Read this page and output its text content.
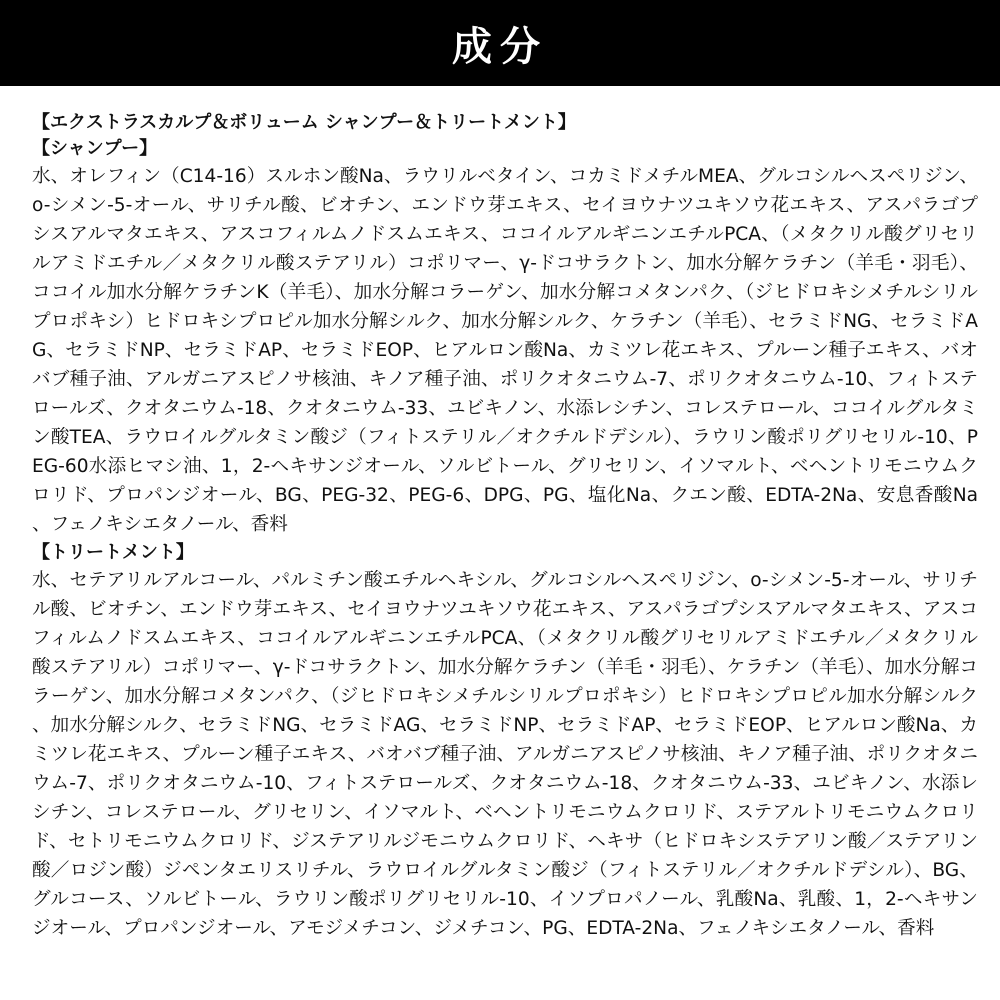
成分
【エクストラスカルプ＆ボリューム シャンプー＆トリートメント】
【シャンプー】

水、オレフィン（C14-16）スルホン酸Na、ラウリルベタイン、コカミドメチルMEA、グルコシルヘスペリジン、o-シメン-5-オール、サリチル酸、ビオチン、エンドウ芽エキス、セイヨウナツユキソウ花エキス、アスパラゴプシスアルマタエキス、アスコフィルムノドスムエキス、ココイルアルギニンエチルPCA、（メタクリル酸グリセリルアミドエチル／メタクリル酸ステアリル）コポリマー、γ-ドコサラクトン、加水分解ケラチン（羊毛・羽毛）、ココイル加水分解ケラチンK（羊毛）、加水分解コラーゲン、加水分解コメタンパク、（ジヒドロキシメチルシリルプロポキシ）ヒドロキシプロピル加水分解シルク、加水分解シルク、ケラチン（羊毛）、セラミドNG、セラミドAG、セラミドNP、セラミドAP、セラミドEOP、ヒアルロン酸Na、カミツレ花エキス、プルーン種子エキス、バオバブ種子油、アルガニアスピノサ核油、キノア種子油、ポリクオタニウム-7、ポリクオタニウム-10、フィトステロールズ、クオタニウム-18、クオタニウム-33、ユビキノン、水添レシチン、コレステロール、ココイルグルタミン酸TEA、ラウロイルグルタミン酸ジ（フィトステリル／オクチルドデシル）、ラウリン酸ポリグリセリル-10、PEG-60水添ヒマシ油、1，2-ヘキサンジオール、ソルビトール、グリセリン、イソマルト、ベヘントリモニウムクロリド、プロパンジオール、BG、PEG-32、PEG-6、DPG、PG、塩化Na、クエン酸、EDTA-2Na、安息香酸Na、フェノキシエタノール、香料

【トリートメント】

水、セテアリルアルコール、パルミチン酸エチルヘキシル、グルコシルヘスペリジン、o-シメン-5-オール、サリチル酸、ビオチン、エンドウ芽エキス、セイヨウナツユキソウ花エキス、アスパラゴプシスアルマタエキス、アスコフィルムノドスムエキス、ココイルアルギニンエチルPCA、（メタクリル酸グリセリルアミドエチル／メタクリル酸ステアリル）コポリマー、γ-ドコサラクトン、加水分解ケラチン（羊毛・羽毛）、ケラチン（羊毛）、加水分解コラーゲン、加水分解コメタンパク、（ジヒドロキシメチルシリルプロポキシ）ヒドロキシプロピル加水分解シルク、加水分解シルク、セラミドNG、セラミドAG、セラミドNP、セラミドAP、セラミドEOP、ヒアルロン酸Na、カミツレ花エキス、プルーン種子エキス、バオバブ種子油、アルガニアスピノサ核油、キノア種子油、ポリクオタニウム-7、ポリクオタニウム-10、フィトステロールズ、クオタニウム-18、クオタニウム-33、ユビキノン、水添レシチン、コレステロール、グリセリン、イソマルト、ベヘントリモニウムクロリド、ステアルトリモニウムクロリド、セトリモニウムクロリド、ジステアリルジモニウムクロリド、ヘキサ（ヒドロキシステアリン酸／ステアリン酸／ロジン酸）ジペンタエリスリチル、ラウロイルグルタミン酸ジ（フィトステリル／オクチルドデシル）、BG、グルコース、ソルビトール、ラウリン酸ポリグリセリル-10、イソプロパノール、乳酸Na、乳酸、1，2-ヘキサンジオール、プロパンジオール、アモジメチコン、ジメチコン、PG、EDTA-2Na、フェノキシエタノール、香料
